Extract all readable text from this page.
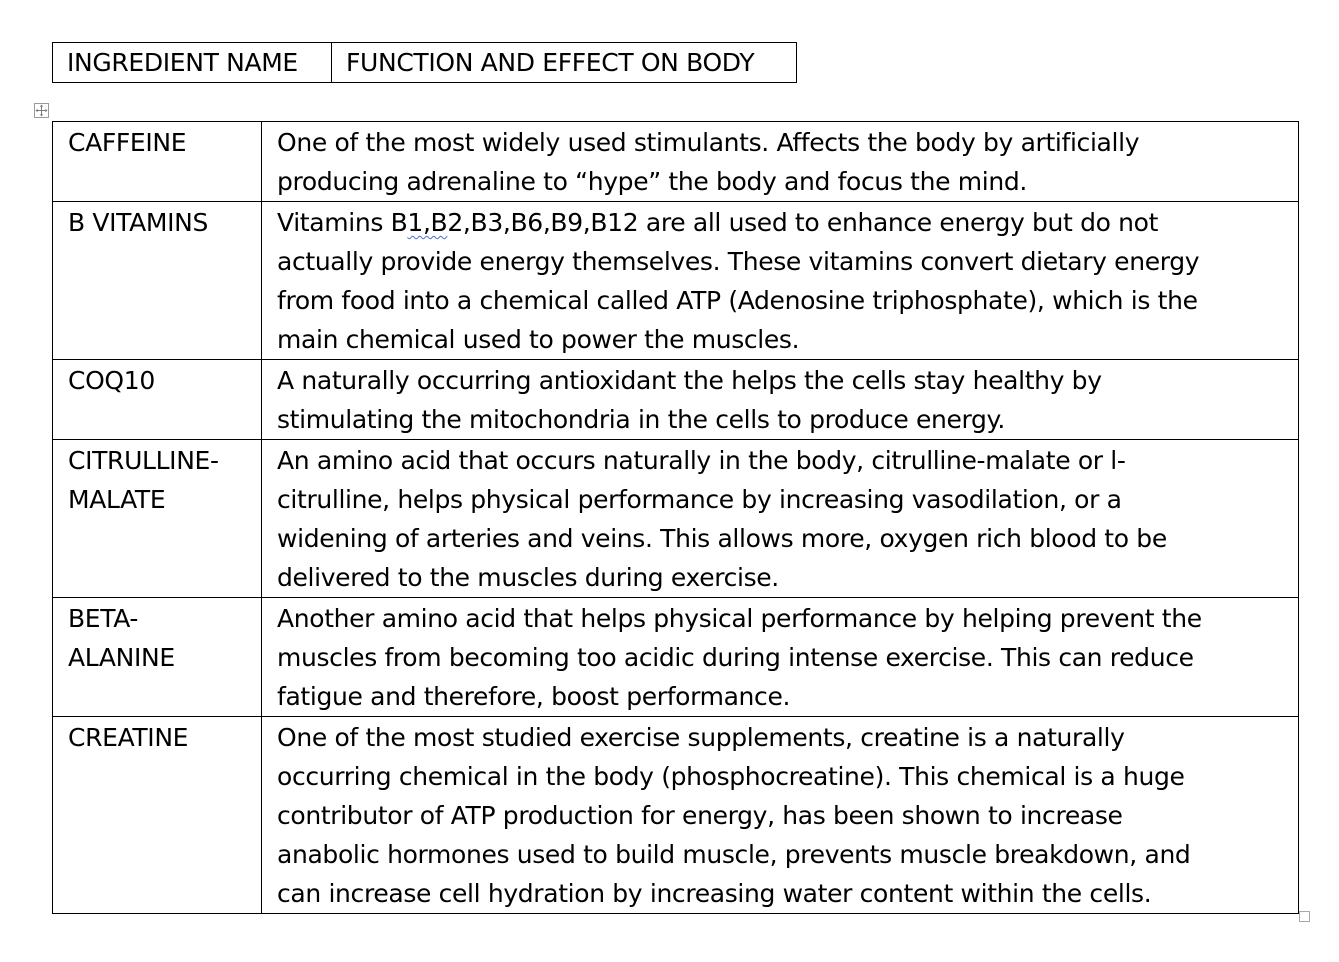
INGREDIENT NAME	FUNCTION AND EFFECT ON BODY
CAFFEINE	One of the most widely used stimulants. Affects the body by artificially
producing adrenaline to “hype” the body and focus the mind.

B VITAMINS	Vitamins B1,B2,B3,B6,B9,B12 are all used to enhance energy but do not
actually provide energy themselves. These vitamins convert dietary energy
from food into a chemical called ATP (Adenosine triphosphate), which is the
main chemical used to power the muscles.

COQ10	A naturally occurring antioxidant the helps the cells stay healthy by
stimulating the mitochondria in the cells to produce energy.

CITRULLINE-
MALATE	An amino acid that occurs naturally in the body, citrulline-malate or l-
citrulline, helps physical performance by increasing vasodilation, or a
widening of arteries and veins. This allows more, oxygen rich blood to be
delivered to the muscles during exercise.

BETA-
ALANINE	Another amino acid that helps physical performance by helping prevent the
muscles from becoming too acidic during intense exercise. This can reduce
fatigue and therefore, boost performance.

CREATINE	One of the most studied exercise supplements, creatine is a naturally
occurring chemical in the body (phosphocreatine). This chemical is a huge
contributor of ATP production for energy, has been shown to increase
anabolic hormones used to build muscle, prevents muscle breakdown, and
can increase cell hydration by increasing water content within the cells.
